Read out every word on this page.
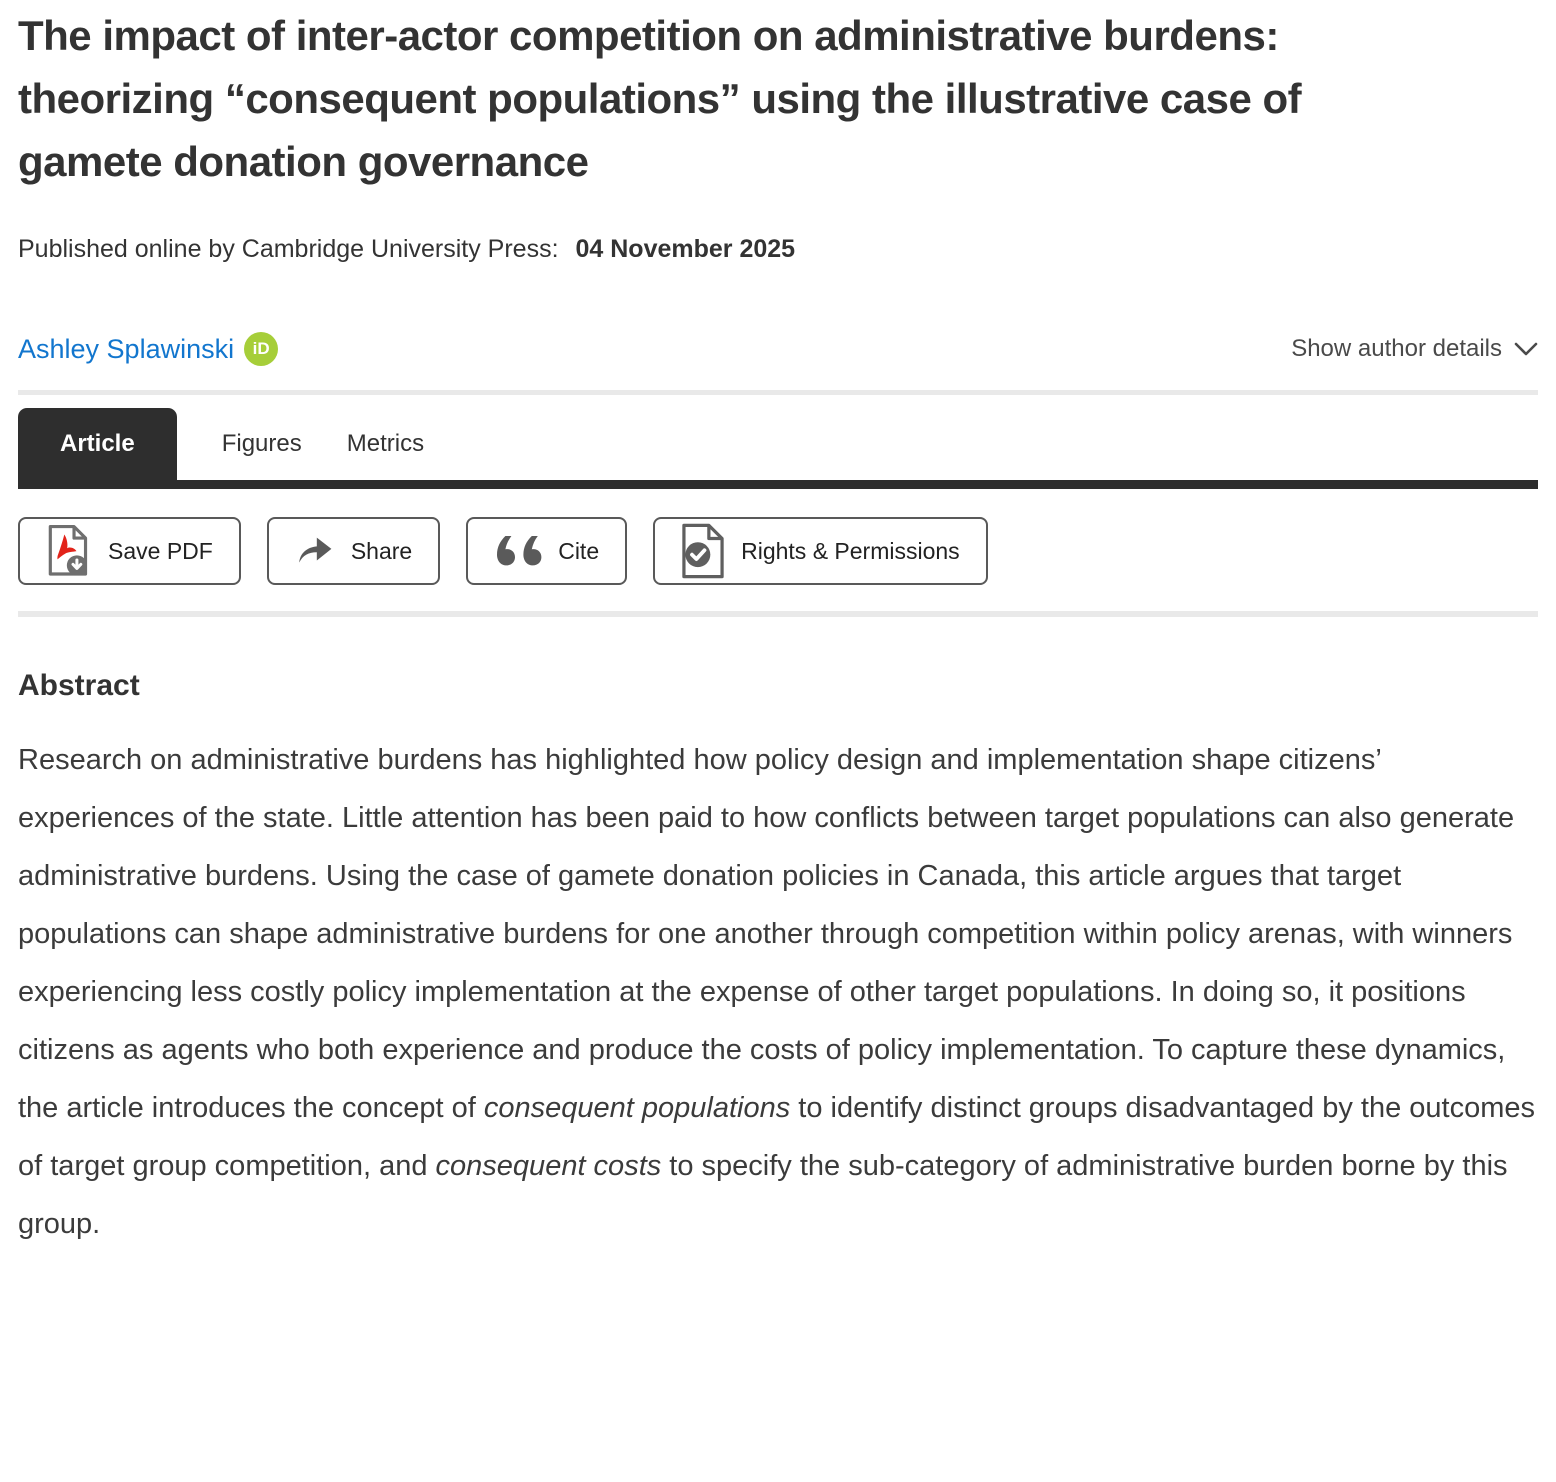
The impact of inter-actor competition on administrative burdens: theorizing “consequent populations” using the illustrative case of gamete donation governance
Published online by Cambridge University Press: 04 November 2025
Ashley Splawinski	iD	Show author details
Article	Figures Metrics
Save PDF	Share	Cite	Rights & Permissions
Abstract

Research on administrative burdens has highlighted how policy design and implementation shape citizens’ experiences of the state. Little attention has been paid to how conflicts between target populations can also generate administrative burdens. Using the case of gamete donation policies in Canada, this article argues that target populations can shape administrative burdens for one another through competition within policy arenas, with winners experiencing less costly policy implementation at the expense of other target populations. In doing so, it positions citizens as agents who both experience and produce the costs of policy implementation. To capture these dynamics, the article introduces the concept of consequent populations to identify distinct groups disadvantaged by the outcomes of target group competition, and consequent costs to specify the sub-category of administrative burden borne by this group.
